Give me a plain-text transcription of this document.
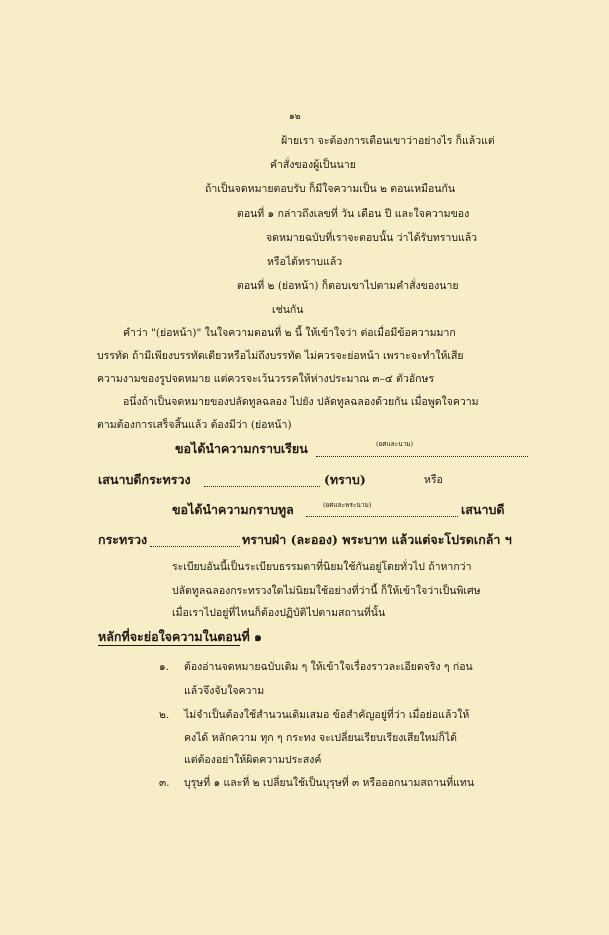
๑๒
ฝ้ายเรา จะต้องการเตือนเขาว่าอย่างไร ก็แล้วแต่
คำสั่งของผู้เป็นนาย
ถ้าเป็นจดหมายตอบรับ ก็มีใจความเป็น ๒ ตอนเหมือนกัน
ตอนที่ ๑ กล่าวถึงเลขที่ วัน เดือน ปี และใจความของ
จดหมายฉบับที่เราจะตอบนั้น ว่าได้รับทราบแล้ว
หรือได้ทราบแล้ว
ตอนที่ ๒ (ย่อหน้า) ก็ตอบเขาไปตามคำสั่งของนาย
เช่นกัน
คำว่า "(ย่อหน้า)" ในใจความตอนที่ ๒ นี้ ให้เข้าใจว่า ต่อเมื่อมีข้อความมาก
บรรทัด ถ้ามีเพียงบรรทัดเดียวหรือไม่ถึงบรรทัด ไม่ควรจะย่อหน้า เพราะจะทำให้เสีย
ความงามของรูปจดหมาย แต่ควรจะเว้นวรรคให้ห่างประมาณ ๓–๔ ตัวอักษร
อนึ่งถ้าเป็นจดหมายของปลัดทูลฉลอง ไปยัง ปลัดทูลฉลองด้วยกัน เมื่อพูดใจความ
ตามต้องการเสร็จสิ้นแล้ว ต้องมีว่า (ย่อหน้า)
ขอได้นำความกราบเรียน	(ยศและนาม)
เสนาบดีกระทรวง	(ทราบ)	หรือ
ขอได้นำความกราบทูล	(ยศและพระนาม)	เสนาบดี
กระทรวง	ทราบฝ่า (ละออง) พระบาท แล้วแต่จะโปรดเกล้า ฯ
ระเบียบอันนี้เป็นระเบียบธรรมดาที่นิยมใช้กันอยู่โดยทั่วไป ถ้าหากว่า
ปลัดทูลฉลองกระทรวงใดไม่นิยมใช้อย่างที่ว่านี้ ก็ให้เข้าใจว่าเป็นพิเศษ
เมื่อเราไปอยู่ที่ไหนก็ต้องปฏิบัติไปตามสถานที่นั้น
หลักที่จะย่อใจความในตอนที่ ๑
๑. ต้องอ่านจดหมายฉบับเดิม ๆ ให้เข้าใจเรื่องราวละเอียดจริง ๆ ก่อน
แล้วจึงจับใจความ
๒. ไม่จำเป็นต้องใช้สำนวนเดิมเสมอ ข้อสำคัญอยู่ที่ว่า เมื่อย่อแล้วให้
คงได้ หลักความ ทุก ๆ กระทง จะเปลี่ยนเรียบเรียงเสียใหม่ก็ได้
แต่ต้องอย่าให้ผิดความประสงค์
๓. บุรุษที่ ๑ และที่ ๒ เปลี่ยนใช้เป็นบุรุษที่ ๓ หรือออกนามสถานที่แทน
